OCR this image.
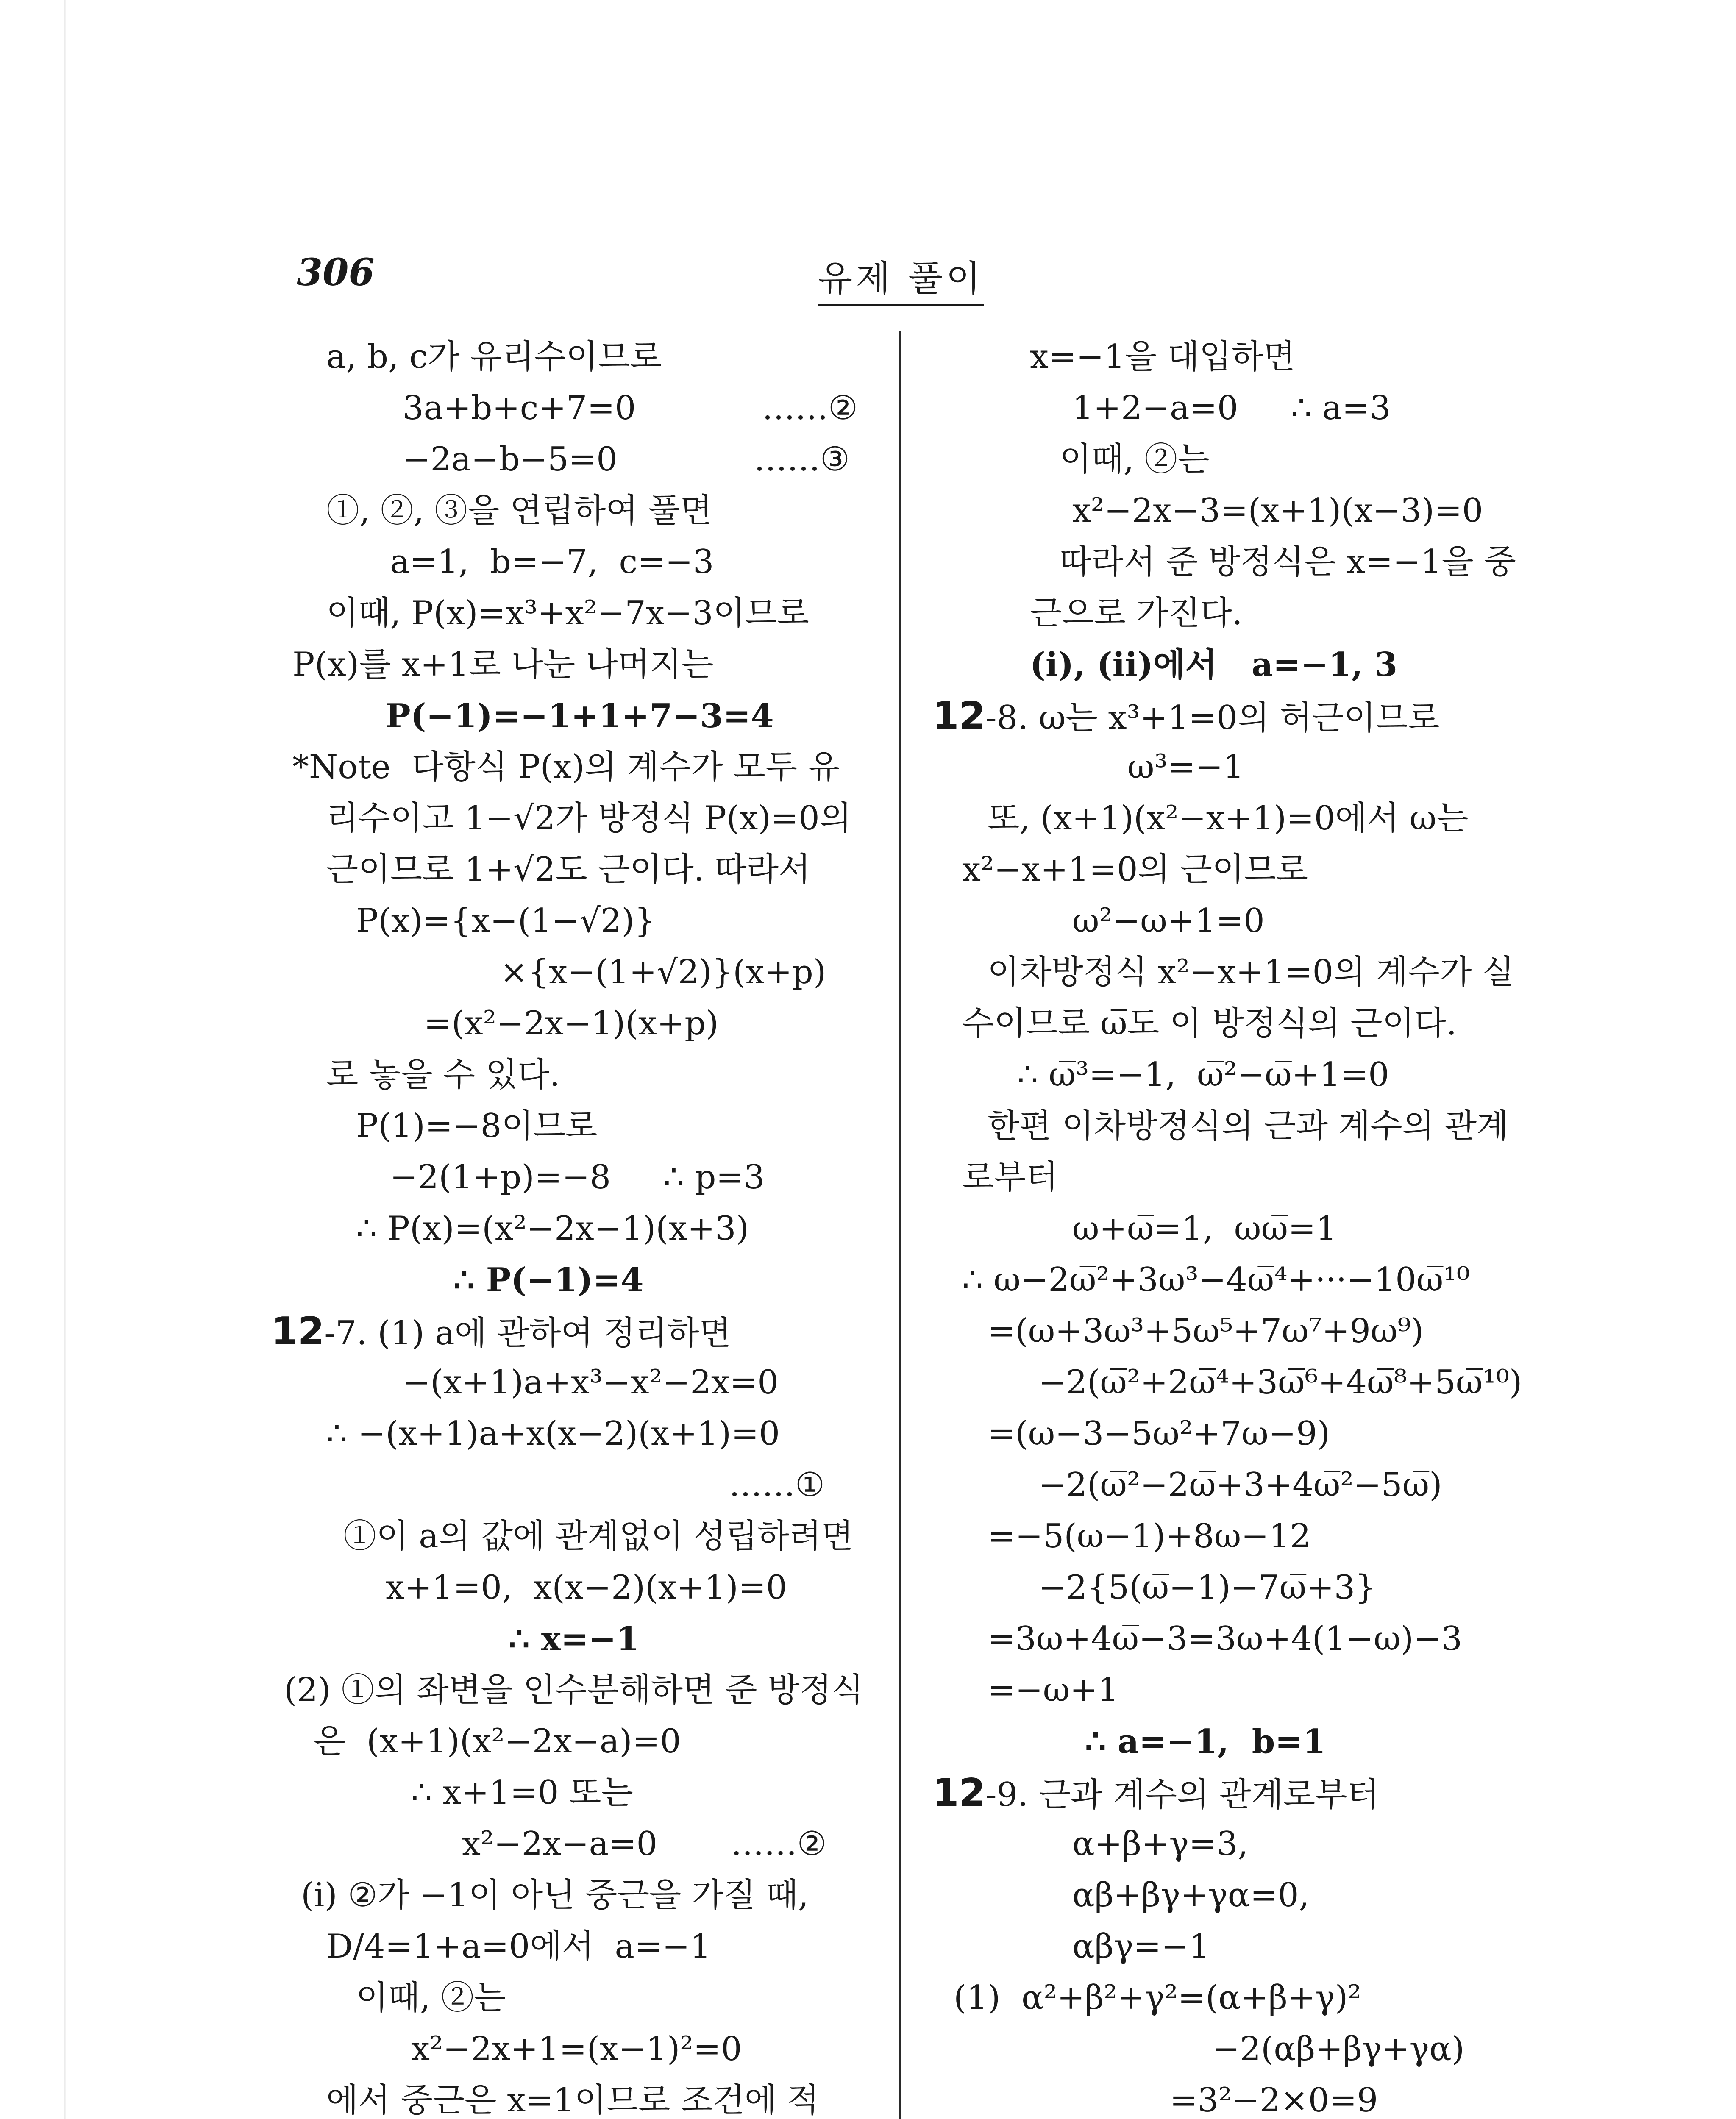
306	유제 풀이
a, b, c가 유리수이므로
3a+b+c+7=0            ……②
−2a−b−5=0             ……③
①, ②, ③을 연립하여 풀면
a=1,  b=−7,  c=−3
이때, P(x)=x³+x²−7x−3이므로
P(x)를 x+1로 나눈 나머지는
P(−1)=−1+1+7−3=4
*Note  다항식 P(x)의 계수가 모두 유
리수이고 1−√2가 방정식 P(x)=0의
근이므로 1+√2도 근이다. 따라서
P(x)={x−(1−√2)}
×{x−(1+√2)}(x+p)
=(x²−2x−1)(x+p)
로 놓을 수 있다.
P(1)=−8이므로
−2(1+p)=−8     ∴ p=3
∴ P(x)=(x²−2x−1)(x+3)
∴ P(−1)=4
12-7. (1) a에 관하여 정리하면
−(x+1)a+x³−x²−2x=0
∴ −(x+1)a+x(x−2)(x+1)=0
……①
①이 a의 값에 관계없이 성립하려면
x+1=0,  x(x−2)(x+1)=0
∴ x=−1
(2) ①의 좌변을 인수분해하면 준 방정식
은  (x+1)(x²−2x−a)=0
∴ x+1=0 또는
x²−2x−a=0       ……②
(i) ②가 −1이 아닌 중근을 가질 때,
D/4=1+a=0에서  a=−1
이때, ②는
x²−2x+1=(x−1)²=0
에서 중근은 x=1이므로 조건에 적
x=−1을 대입하면
1+2−a=0     ∴ a=3
이때, ②는
x²−2x−3=(x+1)(x−3)=0
따라서 준 방정식은 x=−1을 중
근으로 가진다.
(i), (ii)에서   a=−1, 3
12-8. ω는 x³+1=0의 허근이므로
ω³=−1
또, (x+1)(x²−x+1)=0에서 ω는
x²−x+1=0의 근이므로
ω²−ω+1=0
이차방정식 x²−x+1=0의 계수가 실
수이므로 ω̅도 이 방정식의 근이다.
∴ ω̅³=−1,  ω̅²−ω̅+1=0
한편 이차방정식의 근과 계수의 관계
로부터
ω+ω̅=1,  ωω̅=1
∴ ω−2ω̅²+3ω³−4ω̅⁴+···−10ω̅¹⁰
=(ω+3ω³+5ω⁵+7ω⁷+9ω⁹)
−2(ω̅²+2ω̅⁴+3ω̅⁶+4ω̅⁸+5ω̅¹⁰)
=(ω−3−5ω²+7ω−9)
−2(ω̅²−2ω̅+3+4ω̅²−5ω̅)
=−5(ω−1)+8ω−12
−2{5(ω̅−1)−7ω̅+3}
=3ω+4ω̅−3=3ω+4(1−ω)−3
=−ω+1
∴ a=−1,  b=1
12-9. 근과 계수의 관계로부터
α+β+γ=3,
αβ+βγ+γα=0,
αβγ=−1
(1)  α²+β²+γ²=(α+β+γ)²
−2(αβ+βγ+γα)
=3²−2×0=9
